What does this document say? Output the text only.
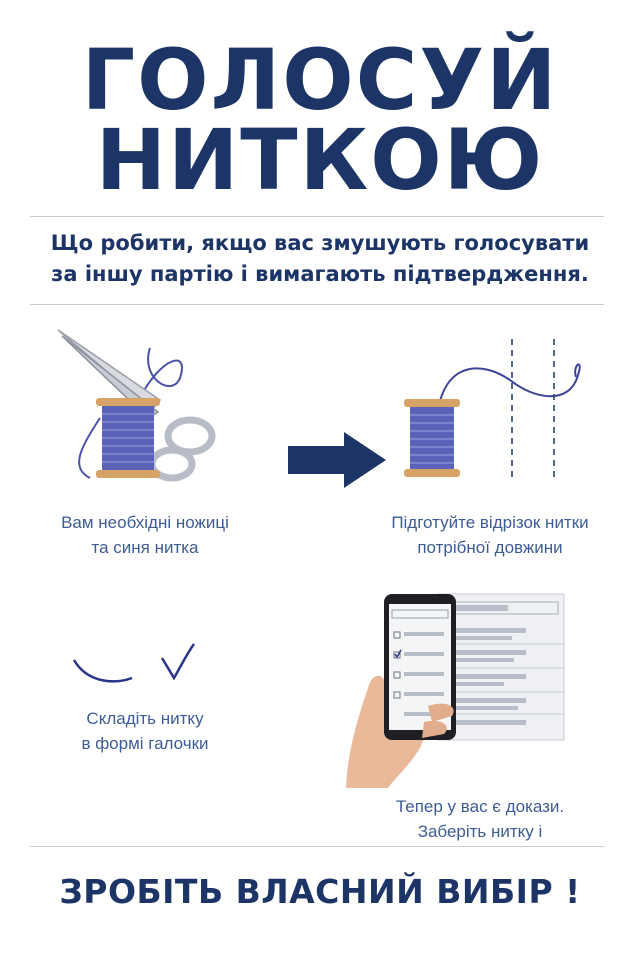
ГОЛОСУЙ
НИТКОЮ
Що робити, якщо вас змушують голосувати
за іншу партію і вимагають підтвердження.
Вам необхідні ножиці
та синя нитка
Підготуйте відрізок нитки
потрібної довжини
Складіть нитку
в формі галочки
Тепер у вас є докази.
Заберіть нитку і
ЗРОБІТЬ ВЛАСНИЙ ВИБІР !
